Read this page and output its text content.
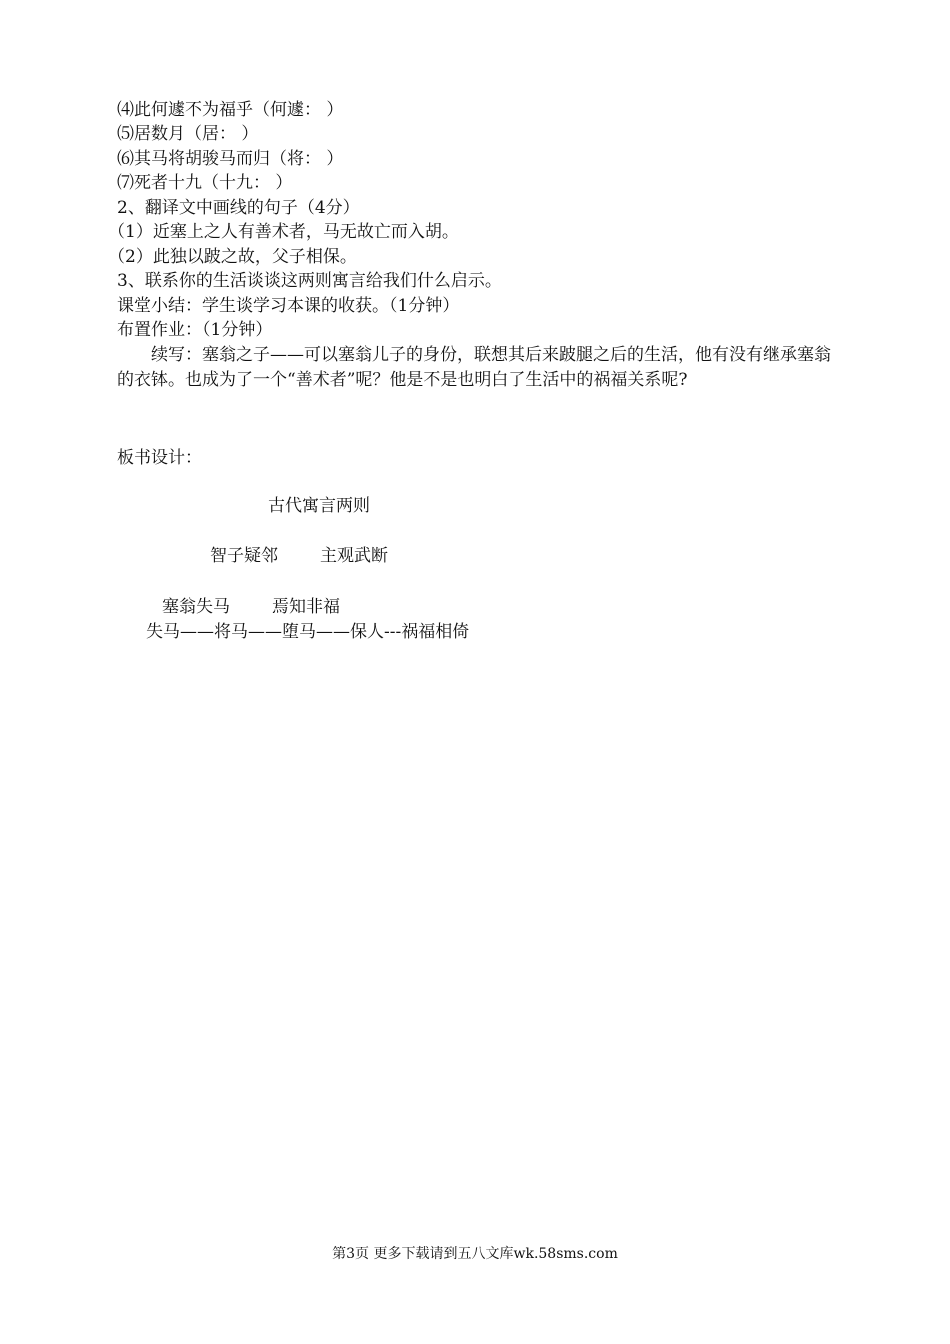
⑷此何遽不为福乎（何遽： ）
⑸居数月（居： ）
⑹其马将胡骏马而归（将： ）
⑺死者十九（十九： ）
2、翻译文中画线的句子（4分）
（1）近塞上之人有善术者，马无故亡而入胡。
（2）此独以跛之故，父子相保。
3、联系你的生活谈谈这两则寓言给我们什么启示。
课堂小结：学生谈学习本课的收获。（1分钟）
布置作业：（1分钟）
续写：塞翁之子——可以塞翁儿子的身份，联想其后来跛腿之后的生活，他有没有继承塞翁的衣钵。也成为了一个“善术者”呢？他是不是也明白了生活中的祸福关系呢?
板书设计：
古代寓言两则
智子疑邻 主观武断
塞翁失马 焉知非福
失马——将马——堕马——保人---祸福相倚
第3页 更多下载请到五八文库wk.58sms.com
